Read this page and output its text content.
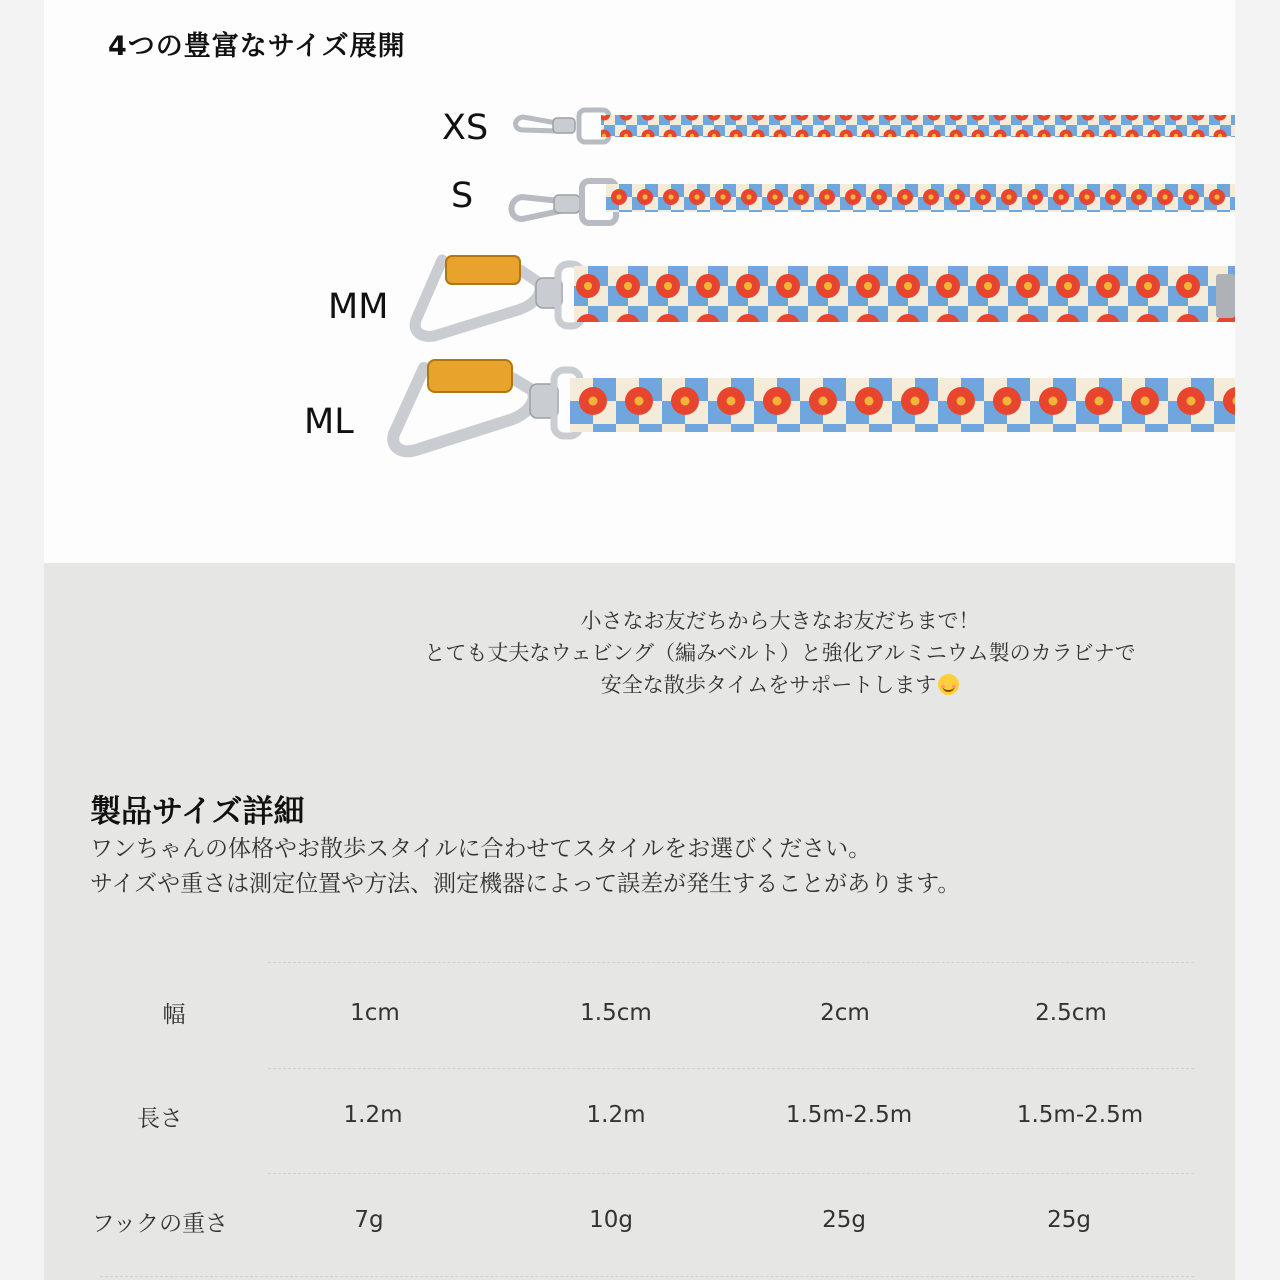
4つの豊富なサイズ展開
XS
S
MM
ML

小さなお友だちから大きなお友だちまで！

とても丈夫なウェビング（編みベルト）と強化アルミニウム製のカラビナで

安全な散歩タイムをサポートします

製品サイズ詳細

ワンちゃんの体格やお散歩スタイルに合わせてスタイルをお選びください。

サイズや重さは測定位置や方法、測定機器によって誤差が発生することがあります。

幅	1cm	1.5cm	2cm	2.5cm
長さ	1.2m	1.2m	1.5m-2.5m	1.5m-2.5m
フックの重さ	7g	10g	25g	25g
